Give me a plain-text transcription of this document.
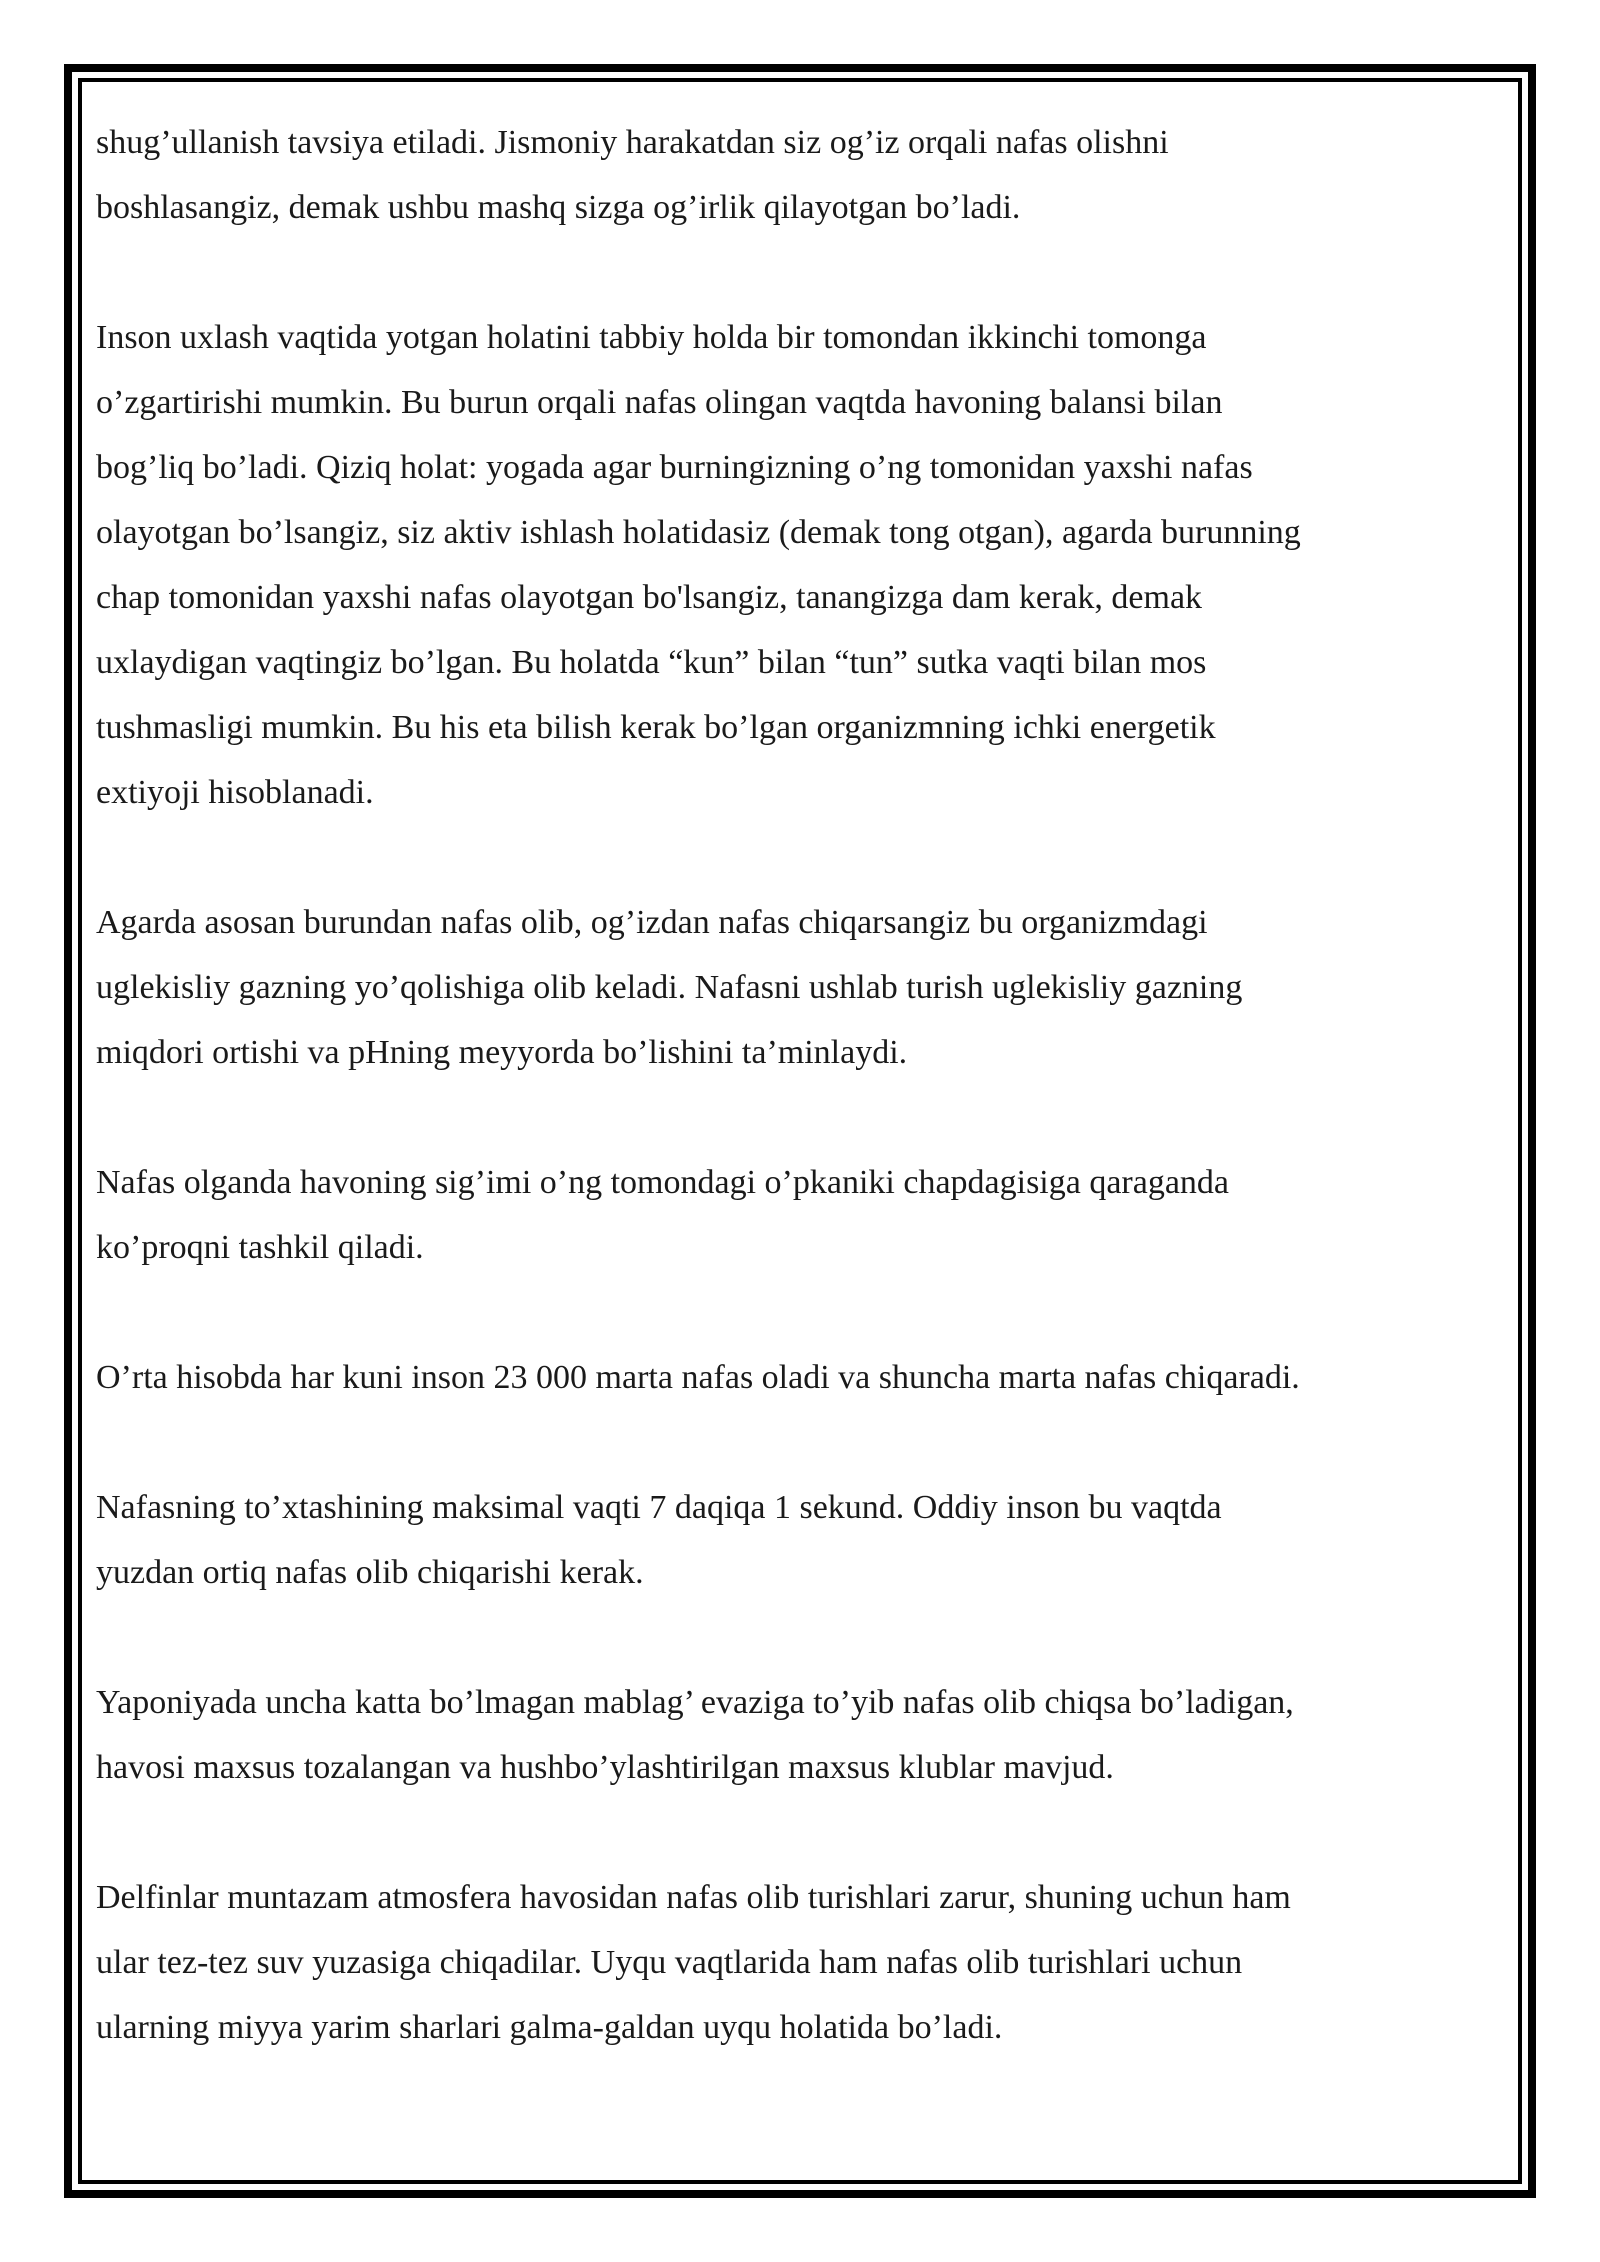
shug’ullanish tavsiya etiladi. Jismoniy harakatdan siz og’iz orqali nafas olishni
boshlasangiz, demak ushbu mashq sizga og’irlik qilayotgan bo’ladi.

Inson uxlash vaqtida yotgan holatini tabbiy holda bir tomondan ikkinchi tomonga
o’zgartirishi mumkin. Bu burun orqali nafas olingan vaqtda havoning balansi bilan
bog’liq bo’ladi. Qiziq holat: yogada agar burningizning o’ng tomonidan yaxshi nafas
olayotgan bo’lsangiz, siz aktiv ishlash holatidasiz (demak tong otgan), agarda burunning
chap tomonidan yaxshi nafas olayotgan bo'lsangiz, tanangizga dam kerak, demak
uxlaydigan vaqtingiz bo’lgan. Bu holatda “kun” bilan “tun” sutka vaqti bilan mos
tushmasligi mumkin. Bu his eta bilish kerak bo’lgan organizmning ichki energetik
extiyoji hisoblanadi.

Agarda asosan burundan nafas olib, og’izdan nafas chiqarsangiz bu organizmdagi
uglekisliy gazning yo’qolishiga olib keladi. Nafasni ushlab turish uglekisliy gazning
miqdori ortishi va pHning meyyorda bo’lishini ta’minlaydi.

Nafas olganda havoning sig’imi o’ng tomondagi o’pkaniki chapdagisiga qaraganda
ko’proqni tashkil qiladi.

O’rta hisobda har kuni inson 23 000 marta nafas oladi va shuncha marta nafas chiqaradi.

Nafasning to’xtashining maksimal vaqti 7 daqiqa 1 sekund. Oddiy inson bu vaqtda
yuzdan ortiq nafas olib chiqarishi kerak.

Yaponiyada uncha katta bo’lmagan mablag’ evaziga to’yib nafas olib chiqsa bo’ladigan,
havosi maxsus tozalangan va hushbo’ylashtirilgan maxsus klublar mavjud.

Delfinlar muntazam atmosfera havosidan nafas olib turishlari zarur, shuning uchun ham
ular tez-tez suv yuzasiga chiqadilar. Uyqu vaqtlarida ham nafas olib turishlari uchun
ularning miyya yarim sharlari galma-galdan uyqu holatida bo’ladi.
